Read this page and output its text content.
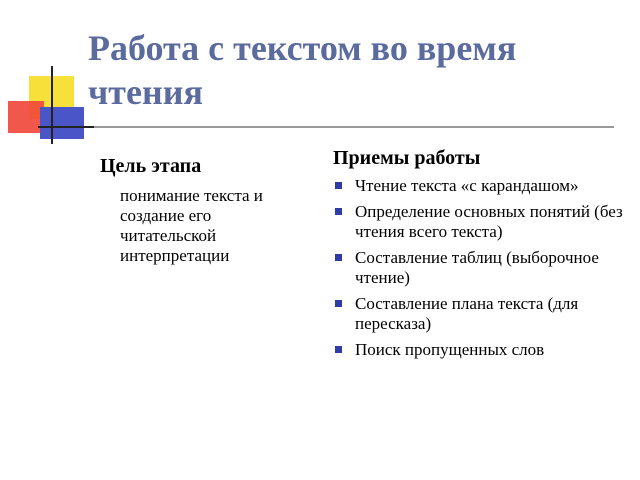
Работа с текстом во время чтения

Цель этапа

понимание текста и создание его читательской интерпретации

Приемы работы

Чтение текста «с карандашом»
Определение основных понятий (без чтения всего текста)
Составление таблиц (выборочное чтение)
Составление плана текста (для пересказа)
Поиск пропущенных слов
